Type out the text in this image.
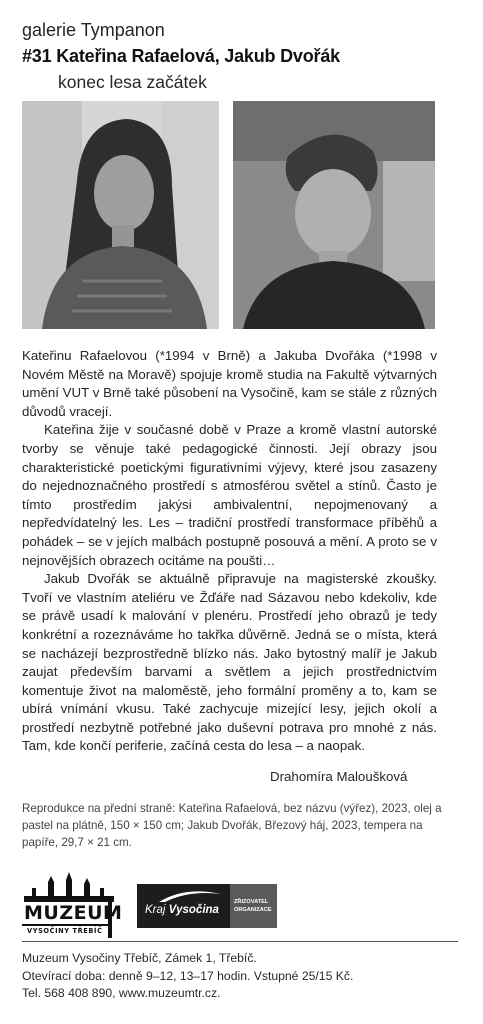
galerie Tympanon
#31 Kateřina Rafaelová, Jakub Dvořák
konec lesa začátek

Kateřinu Rafaelovou (*1994 v Brně) a Jakuba Dvořáka (*1998 v Novém Městě na Moravě) spojuje kromě studia na Fakultě výtvarných umění VUT v Brně také působení na Vysočině, kam se stále z různých důvodů vracejí.

Kateřina žije v současné době v Praze a kromě vlastní autorské tvorby se věnuje také pedagogické činnosti. Její obrazy jsou charakteristické poetickými figurativními výjevy, které jsou zasazeny do nejednoznačného prostředí s atmosférou světel a stínů. Často je tímto prostředím jakýsi ambivalentní, nepojmenovaný a nepředvídatelný les. Les – tradiční prostředí transformace příběhů a pohádek – se v jejích malbách postupně posouvá a mění. A proto se v nejnovějších obrazech ocitáme na poušti…

Jakub Dvořák se aktuálně připravuje na magisterské zkoušky. Tvoří ve vlastním ateliéru ve Žďáře nad Sázavou nebo kdekoliv, kde se právě usadí k malování v plenéru. Prostředí jeho obrazů je tedy konkrétní a rozeznáváme ho takřka důvěrně. Jedná se o místa, která se nacházejí bezprostředně blízko nás. Jako bytostný malíř je Jakub zaujat především barvami a světlem a jejich prostřednictvím komentuje život na maloměstě, jeho formální proměny a to, kam se ubírá vnímání vkusu. Také zachycuje mizející lesy, jejich okolí a prostředí nezbytně potřebné jako duševní potrava pro mnohé z nás. Tam, kde končí periferie, začíná cesta do lesa – a naopak.

Drahomíra Maloušková
Reprodukce na přední straně: Kateřina Rafaelová, bez názvu (výřez), 2023, olej a pastel na plátně, 150 × 150 cm; Jakub Dvořák, Březový háj, 2023, tempera na papíře, 29,7 × 21 cm.
MUZEUM
VYSOČINY TŘEBÍČ
Kraj Vysočina
ZŘIZOVATEL
ORGANIZACE
Muzeum Vysočiny Třebíč, Zámek 1, Třebíč.
Otevírací doba: denně 9–12, 13–17 hodin. Vstupné 25/15 Kč.
Tel. 568 408 890, www.muzeumtr.cz.
